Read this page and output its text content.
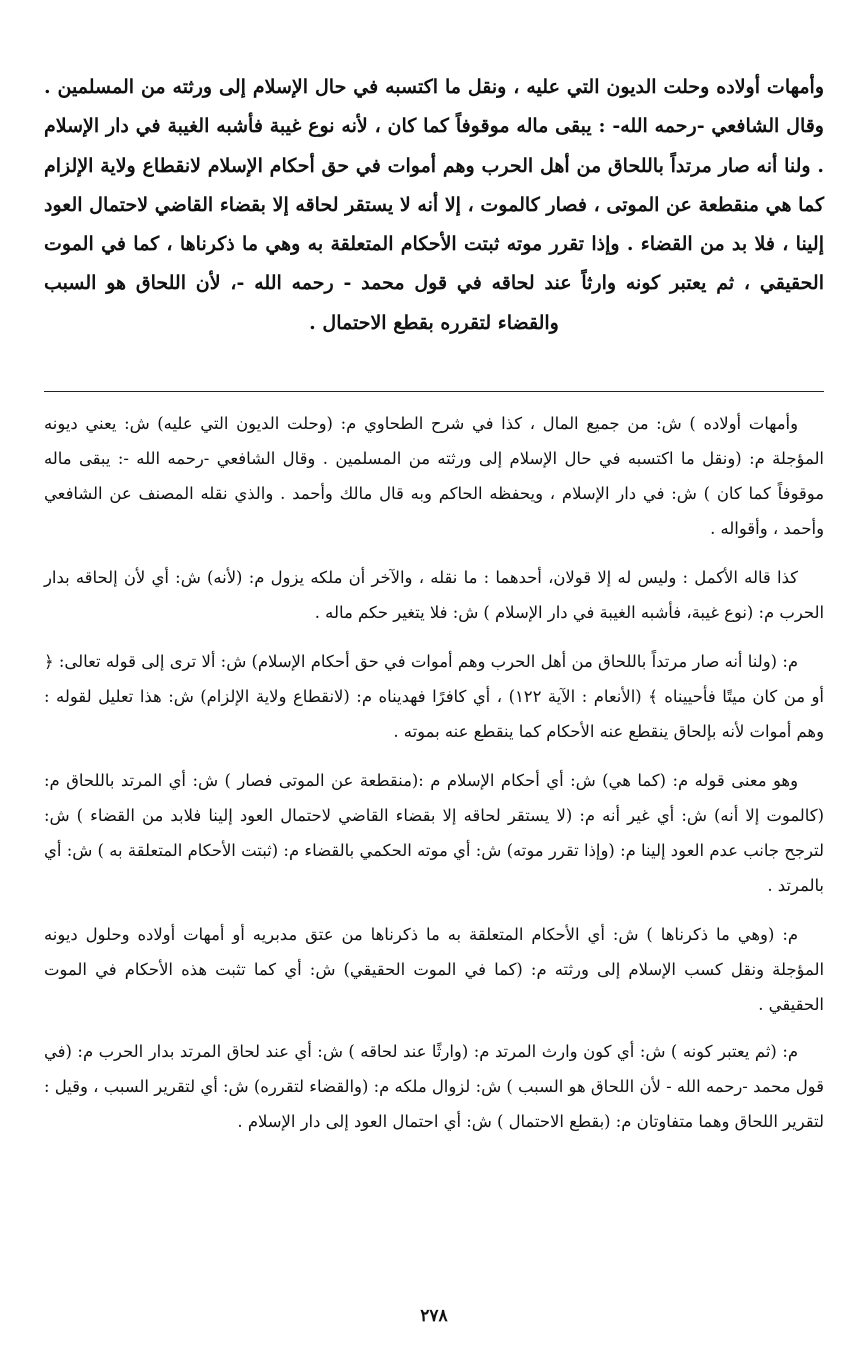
وأمهات أولاده وحلت الديون التي عليه ، ونقل ما اكتسبه في حال الإسلام إلى ورثته من المسلمين . وقال الشافعي -رحمه الله- : يبقى ماله موقوفاً كما كان ، لأنه نوع غيبة فأشبه الغيبة في دار الإسلام . ولنا أنه صار مرتداً باللحاق من أهل الحرب وهم أموات في حق أحكام الإسلام لانقطاع ولاية الإلزام كما هي منقطعة عن الموتى ، فصار كالموت ، إلا أنه لا يستقر لحاقه إلا بقضاء القاضي لاحتمال العود إلينا ، فلا بد من القضاء . وإذا تقرر موته ثبتت الأحكام المتعلقة به وهي ما ذكرناها ، كما في الموت الحقيقي ، ثم يعتبر كونه وارثاً عند لحاقه في قول محمد - رحمه الله -، لأن اللحاق هو السبب والقضاء لتقرره بقطع الاحتمال .

وأمهات أولاده ) ش: من جميع المال ، كذا في شرح الطحاوي م: (وحلت الديون التي عليه) ش: يعني ديونه المؤجلة م: (ونقل ما اكتسبه في حال الإسلام إلى ورثته من المسلمين . وقال الشافعي -رحمه الله -: يبقى ماله موقوفاً كما كان ) ش: في دار الإسلام ، ويحفظه الحاكم وبه قال مالك وأحمد . والذي نقله المصنف عن الشافعي وأحمد ، وأقواله .

كذا قاله الأكمل : وليس له إلا قولان، أحدهما : ما نقله ، والآخر أن ملكه يزول م: (لأنه) ش: أي لأن إلحاقه بدار الحرب م: (نوع غيبة، فأشبه الغيبة في دار الإسلام ) ش: فلا يتغير حكم ماله .

م: (ولنا أنه صار مرتداً باللحاق من أهل الحرب وهم أموات في حق أحكام الإسلام) ش: ألا ترى إلى قوله تعالى: ﴿ أو من كان ميتًا فأحييناه ﴾ (الأنعام : الآية ١٢٢) ، أي كافرًا فهديناه م: (لانقطاع ولاية الإلزام) ش: هذا تعليل لقوله : وهم أموات لأنه بإلحاق ينقطع عنه الأحكام كما ينقطع عنه بموته .

وهو معنى قوله م: (كما هي) ش: أي أحكام الإسلام م :(منقطعة عن الموتى فصار ) ش: أي المرتد باللحاق م: (كالموت إلا أنه) ش: أي غير أنه م: (لا يستقر لحاقه إلا بقضاء القاضي لاحتمال العود إلينا فلابد من القضاء ) ش: لترجح جانب عدم العود إلينا م: (وإذا تقرر موته) ش: أي موته الحكمي بالقضاء م: (ثبتت الأحكام المتعلقة به ) ش: أي بالمرتد .

م: (وهي ما ذكرناها ) ش: أي الأحكام المتعلقة به ما ذكرناها من عتق مدبريه أو أمهات أولاده وحلول ديونه المؤجلة ونقل كسب الإسلام إلى ورثته م: (كما في الموت الحقيقي) ش: أي كما تثبت هذه الأحكام في الموت الحقيقي .

م: (ثم يعتبر كونه ) ش: أي كون وارث المرتد م: (وارثًا عند لحاقه ) ش: أي عند لحاق المرتد بدار الحرب م: (في قول محمد -رحمه الله - لأن اللحاق هو السبب ) ش: لزوال ملكه م: (والقضاء لتقرره) ش: أي لتقرير السبب ، وقيل : لتقرير اللحاق وهما متفاوتان م: (بقطع الاحتمال ) ش: أي احتمال العود إلى دار الإسلام .

٢٧٨
